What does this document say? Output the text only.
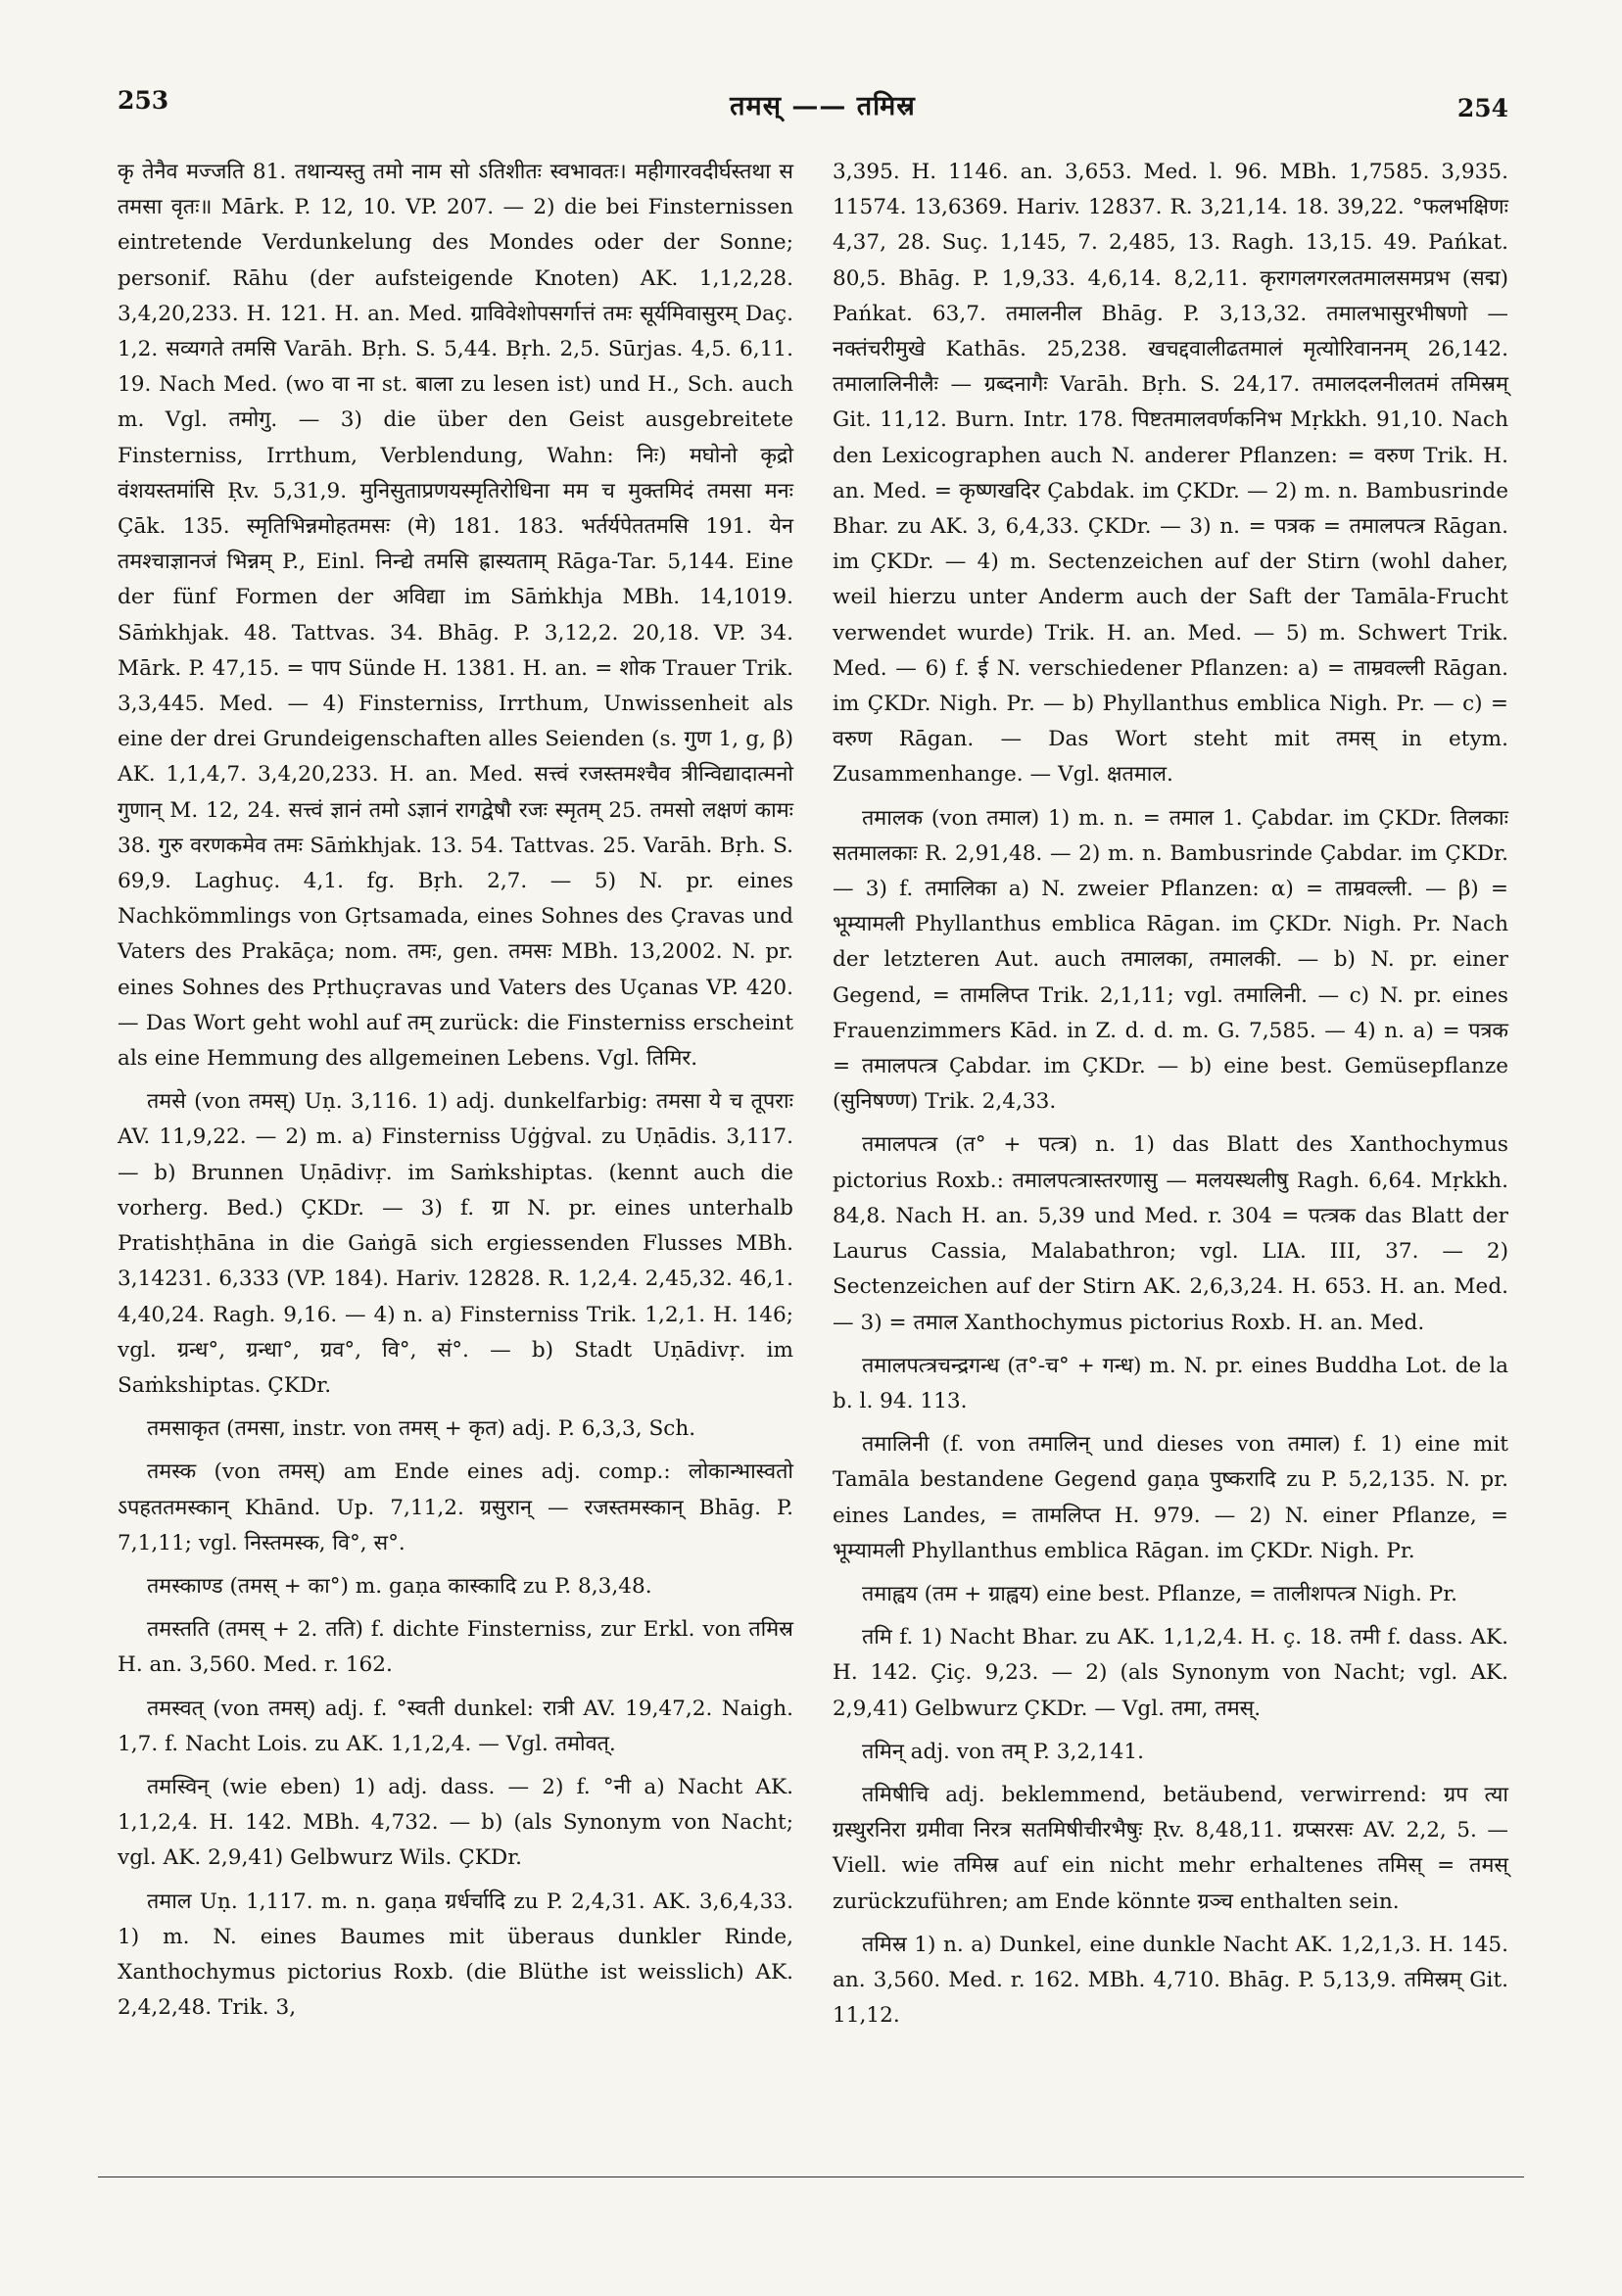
253	तमस् —— तमिस्र	254

कृ तेनैव मज्जति 81. तथान्यस्तु तमो नाम सो ऽतिशीतः स्वभावतः। महीगारवदीर्घस्तथा स तमसा वृतः॥ Mārk. P. 12, 10. VP. 207. — 2) die bei Finsternissen eintretende Verdunkelung des Mondes oder der Sonne; personif. Rāhu (der aufsteigende Knoten) AK. 1,1,2,28. 3,4,20,233. H. 121. H. an. Med. ग्राविवेशोपसर्गात्तं तमः सूर्यमिवासुरम् Daç. 1,2. सव्यगते तमसि Varāh. Bṛh. S. 5,44. Bṛh. 2,5. Sūrjas. 4,5. 6,11. 19. Nach Med. (wo वा ना st. बाला zu lesen ist) und H., Sch. auch m. Vgl. तमोगु. — 3) die über den Geist ausgebreitete Finsterniss, Irrthum, Verblendung, Wahn: निः) मघोनो कृद्रो वंशयस्तमांसि Ṛv. 5,31,9. मुनिसुताप्रणयस्मृतिरोधिना मम च मुक्तमिदं तमसा मनः Çāk. 135. स्मृतिभिन्नमोहतमसः (मे) 181. 183. भर्तर्यपेततमसि 191. येन तमश्चाज्ञानजं भिन्नम् P., Einl. निन्द्ये तमसि ह्रास्यताम् Rāga-Tar. 5,144. Eine der fünf Formen der अविद्या im Sāṁkhja MBh. 14,1019. Sāṁkhjak. 48. Tattvas. 34. Bhāg. P. 3,12,2. 20,18. VP. 34. Mārk. P. 47,15. = पाप Sünde H. 1381. H. an. = शोक Trauer Trik. 3,3,445. Med. — 4) Finsterniss, Irrthum, Unwissenheit als eine der drei Grundeigenschaften alles Seienden (s. गुण 1, g, β) AK. 1,1,4,7. 3,4,20,233. H. an. Med. सत्त्वं रजस्तमश्चैव त्रीन्विद्यादात्मनो गुणान् M. 12, 24. सत्त्वं ज्ञानं तमो ऽज्ञानं रागद्वेषौ रजः स्मृतम् 25. तमसो लक्षणं कामः 38. गुरु वरणकमेव तमः Sāṁkhjak. 13. 54. Tattvas. 25. Varāh. Bṛh. S. 69,9. Laghuç. 4,1. fg. Bṛh. 2,7. — 5) N. pr. eines Nachkömmlings von Gṛtsamada, eines Sohnes des Çravas und Vaters des Prakāça; nom. तमः, gen. तमसः MBh. 13,2002. N. pr. eines Sohnes des Pṛthuçravas und Vaters des Uçanas VP. 420. — Das Wort geht wohl auf तम् zurück: die Finsterniss erscheint als eine Hemmung des allgemeinen Lebens. Vgl. तिमिर.

तमसे (von तमस्) Uṇ. 3,116. 1) adj. dunkelfarbig: तमसा ये च तूपराः AV. 11,9,22. — 2) m. a) Finsterniss Uġġval. zu Uṇādis. 3,117. — b) Brunnen Uṇādivṛ. im Saṁkshiptas. (kennt auch die vorherg. Bed.) ÇKDr. — 3) f. ग्रा N. pr. eines unterhalb Pratishṭhāna in die Gaṅgā sich ergiessenden Flusses MBh. 3,14231. 6,333 (VP. 184). Hariv. 12828. R. 1,2,4. 2,45,32. 46,1. 4,40,24. Ragh. 9,16. — 4) n. a) Finsterniss Trik. 1,2,1. H. 146; vgl. ग्रन्ध°, ग्रन्धा°, ग्रव°, वि°, सं°. — b) Stadt Uṇādivṛ. im Saṁkshiptas. ÇKDr.

तमसाकृत (तमसा, instr. von तमस् + कृत) adj. P. 6,3,3, Sch.

तमस्क (von तमस्) am Ende eines adj. comp.: लोकान्भास्वतो ऽपहततमस्कान् Khānd. Up. 7,11,2. ग्रसुरान् — रजस्तमस्कान् Bhāg. P. 7,1,11; vgl. निस्तमस्क, वि°, स°.

तमस्काण्ड (तमस् + का°) m. gaṇa कास्कादि zu P. 8,3,48.

तमस्तति (तमस् + 2. तति) f. dichte Finsterniss, zur Erkl. von तमिस्र H. an. 3,560. Med. r. 162.

तमस्वत् (von तमस्) adj. f. °स्वती dunkel: रात्री AV. 19,47,2. Naigh. 1,7. f. Nacht Lois. zu AK. 1,1,2,4. — Vgl. तमोवत्.

तमस्विन् (wie eben) 1) adj. dass. — 2) f. °नी a) Nacht AK. 1,1,2,4. H. 142. MBh. 4,732. — b) (als Synonym von Nacht; vgl. AK. 2,9,41) Gelbwurz Wils. ÇKDr.

तमाल Uṇ. 1,117. m. n. gaṇa ग्रर्धर्चादि zu P. 2,4,31. AK. 3,6,4,33. 1) m. N. eines Baumes mit überaus dunkler Rinde, Xanthochymus pictorius Roxb. (die Blüthe ist weisslich) AK. 2,4,2,48. Trik. 3,

3,395. H. 1146. an. 3,653. Med. l. 96. MBh. 1,7585. 3,935. 11574. 13,6369. Hariv. 12837. R. 3,21,14. 18. 39,22. °फलभक्षिणः 4,37, 28. Suç. 1,145, 7. 2,485, 13. Ragh. 13,15. 49. Pańkat. 80,5. Bhāg. P. 1,9,33. 4,6,14. 8,2,11. कृरागलगरलतमालसमप्रभ (सद्म) Pańkat. 63,7. तमालनील Bhāg. P. 3,13,32. तमालभासुरभीषणो — नक्तंचरीमुखे Kathās. 25,238. खचद्दवालीढतमालं मृत्योरिवाननम् 26,142. तमालालिनीलैः — ग्रब्दनागैः Varāh. Bṛh. S. 24,17. तमालदलनीलतमं तमिस्रम् Git. 11,12. Burn. Intr. 178. पिष्टतमालवर्णकनिभ Mṛkkh. 91,10. Nach den Lexicographen auch N. anderer Pflanzen: = वरुण Trik. H. an. Med. = कृष्णखदिर Çabdak. im ÇKDr. — 2) m. n. Bambusrinde Bhar. zu AK. 3, 6,4,33. ÇKDr. — 3) n. = पत्रक = तमालपत्त्र Rāgan. im ÇKDr. — 4) m. Sectenzeichen auf der Stirn (wohl daher, weil hierzu unter Anderm auch der Saft der Tamāla-Frucht verwendet wurde) Trik. H. an. Med. — 5) m. Schwert Trik. Med. — 6) f. ई N. verschiedener Pflanzen: a) = ताम्रवल्ली Rāgan. im ÇKDr. Nigh. Pr. — b) Phyllanthus emblica Nigh. Pr. — c) = वरुण Rāgan. — Das Wort steht mit तमस् in etym. Zusammenhange. — Vgl. क्षतमाल.

तमालक (von तमाल) 1) m. n. = तमाल 1. Çabdar. im ÇKDr. तिलकाः सतमालकाः R. 2,91,48. — 2) m. n. Bambusrinde Çabdar. im ÇKDr. — 3) f. तमालिका a) N. zweier Pflanzen: α) = ताम्रवल्ली. — β) = भूम्यामली Phyllanthus emblica Rāgan. im ÇKDr. Nigh. Pr. Nach der letzteren Aut. auch तमालका, तमालकी. — b) N. pr. einer Gegend, = तामलिप्त Trik. 2,1,11; vgl. तमालिनी. — c) N. pr. eines Frauenzimmers Kād. in Z. d. d. m. G. 7,585. — 4) n. a) = पत्रक = तमालपत्त्र Çabdar. im ÇKDr. — b) eine best. Gemüsepflanze (सुनिषण्ण) Trik. 2,4,33.

तमालपत्त्र (त° + पत्त्र) n. 1) das Blatt des Xanthochymus pictorius Roxb.: तमालपत्त्रास्तरणासु — मलयस्थलीषु Ragh. 6,64. Mṛkkh. 84,8. Nach H. an. 5,39 und Med. r. 304 = पत्त्रक das Blatt der Laurus Cassia, Malabathron; vgl. LIA. III, 37. — 2) Sectenzeichen auf der Stirn AK. 2,6,3,24. H. 653. H. an. Med. — 3) = तमाल Xanthochymus pictorius Roxb. H. an. Med.

तमालपत्त्रचन्द्रगन्ध (त°-च° + गन्ध) m. N. pr. eines Buddha Lot. de la b. l. 94. 113.

तमालिनी (f. von तमालिन् und dieses von तमाल) f. 1) eine mit Tamāla bestandene Gegend gaṇa पुष्करादि zu P. 5,2,135. N. pr. eines Landes, = तामलिप्त H. 979. — 2) N. einer Pflanze, = भूम्यामली Phyllanthus emblica Rāgan. im ÇKDr. Nigh. Pr.

तमाह्वय (तम + ग्राह्वय) eine best. Pflanze, = तालीशपत्त्र Nigh. Pr.

तमि f. 1) Nacht Bhar. zu AK. 1,1,2,4. H. ç. 18. तमी f. dass. AK. H. 142. Çiç. 9,23. — 2) (als Synonym von Nacht; vgl. AK. 2,9,41) Gelbwurz ÇKDr. — Vgl. तमा, तमस्.

तमिन् adj. von तम् P. 3,2,141.

तमिषीचि adj. beklemmend, betäubend, verwirrend: ग्रप त्या ग्रस्थुरनिरा ग्रमीवा निरत्र सतमिषीचीरभैषुः Ṛv. 8,48,11. ग्रप्सरसः AV. 2,2, 5. — Viell. wie तमिस्र auf ein nicht mehr erhaltenes तमिस् = तमस् zurückzuführen; am Ende könnte ग्रञ्च enthalten sein.

तमिस्र 1) n. a) Dunkel, eine dunkle Nacht AK. 1,2,1,3. H. 145. an. 3,560. Med. r. 162. MBh. 4,710. Bhāg. P. 5,13,9. तमिस्रम् Git. 11,12.
